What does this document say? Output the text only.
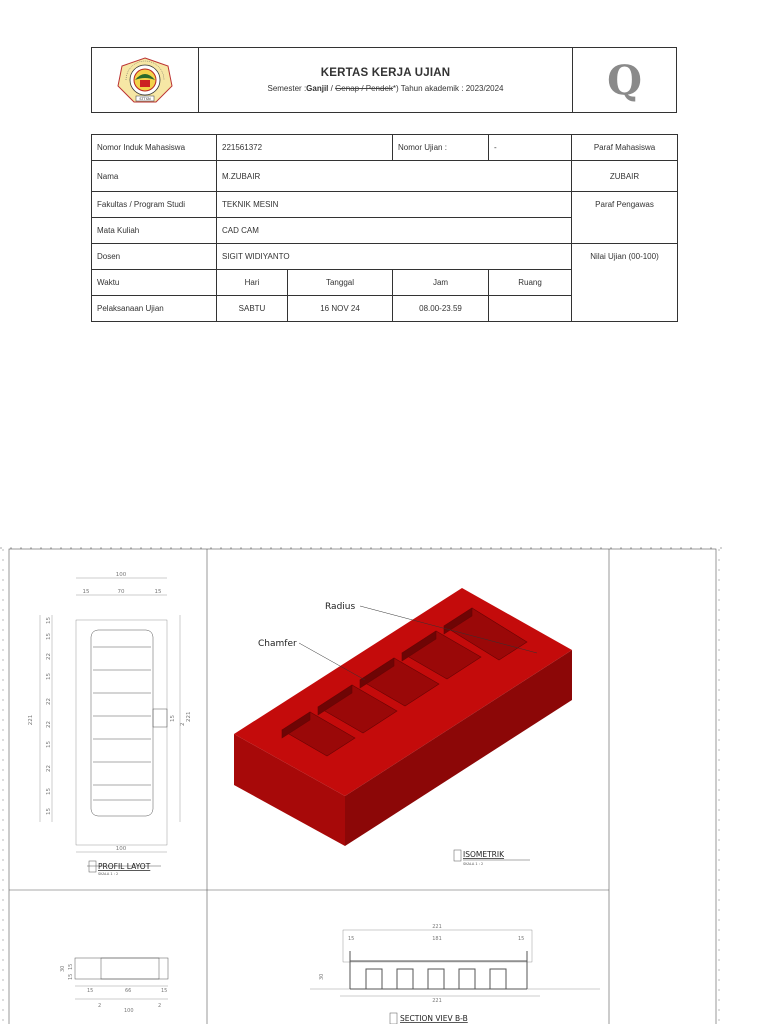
STTSN
KERTAS KERJA UJIAN
Semester :Ganjil / Genap / Pendek*) Tahun akademik : 2023/2024	Q
Nomor Induk Mahasiswa	221561372		Nomor Ujian :	-	Paraf Mahasiswa
Nama	M.ZUBAIR				ZUBAIR
Fakultas / Program Studi	TEKNIK MESIN				Paraf Pengawas
Mata Kuliah	CAD CAM				
Dosen	SIGIT WIDIYANTO				Nilai Ujian (00-100)
Waktu	Hari	Tanggal	Jam	Ruang	
Pelaksanaan Ujian	SABTU	16 NOV 24	08.00-23.59		
100
15	70	15
100
221
15
15
22
15
22
22
15
22
15
15
15
2
221
PROFIL LAYOT
SKALA 1 : 2
Radius
Chamfer
ISOMETRIK
SKALA 1 : 2
30 15
15
15	66	15
2
100
2
221
181
15	15
30
221
SECTION VIEV B-B
